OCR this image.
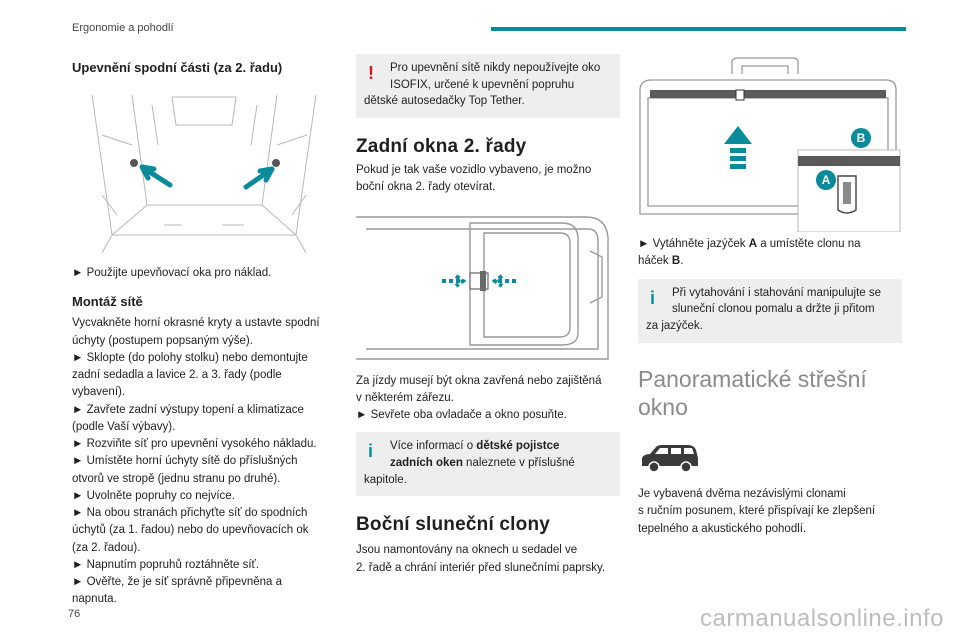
Ergonomie a pohodlí
Upevnění spodní části (za 2. řadu)
► Použijte upevňovací oka pro náklad.
Montáž sítě
Vycvakněte horní okrasné kryty a ustavte spodní
úchyty (postupem popsaným výše).
► Sklopte (do polohy stolku) nebo demontujte
zadní sedadla a lavice 2. a 3. řady (podle
vybavení).
► Zavřete zadní výstupy topení a klimatizace
(podle Vaší výbavy).
► Rozviňte síť pro upevnění vysokého nákladu.
► Umístěte horní úchyty sítě do příslušných
otvorů ve stropě (jednu stranu po druhé).
► Uvolněte popruhy co nejvíce.
► Na obou stranách přichyťte síť do spodních
úchytů (za 1. řadou) nebo do upevňovacích ok
(za 2. řadou).
► Napnutím popruhů roztáhněte síť.
► Ověřte, že je síť správně připevněna a
napnuta.
!	Pro upevnění sítě nikdy nepoužívejte oko
ISOFIX, určené k upevnění popruhu
dětské autosedačky Top Tether.
Zadní okna 2. řady
Pokud je tak vaše vozidlo vybaveno, je možno
boční okna 2. řady otevírat.
Za jízdy musejí být okna zavřená nebo zajištěná
v některém zářezu.
► Sevřete oba ovladače a okno posuňte.
i	Více informací o dětské pojistce
zadních oken naleznete v příslušné
kapitole.
Boční sluneční clony
Jsou namontovány na oknech u sedadel ve
2. řadě a chrání interiér před slunečními paprsky.
B
A
► Vytáhněte jazýček A a umístěte clonu na
háček B.
i	Při vytahování i stahování manipulujte se
sluneční clonou pomalu a držte ji přitom
za jazýček.
Panoramatické střešní
okno
Je vybavená dvěma nezávislými clonami
s ručním posunem, které přispívají ke zlepšení
tepelného a akustického pohodlí.
76	carmanualsonline.info
